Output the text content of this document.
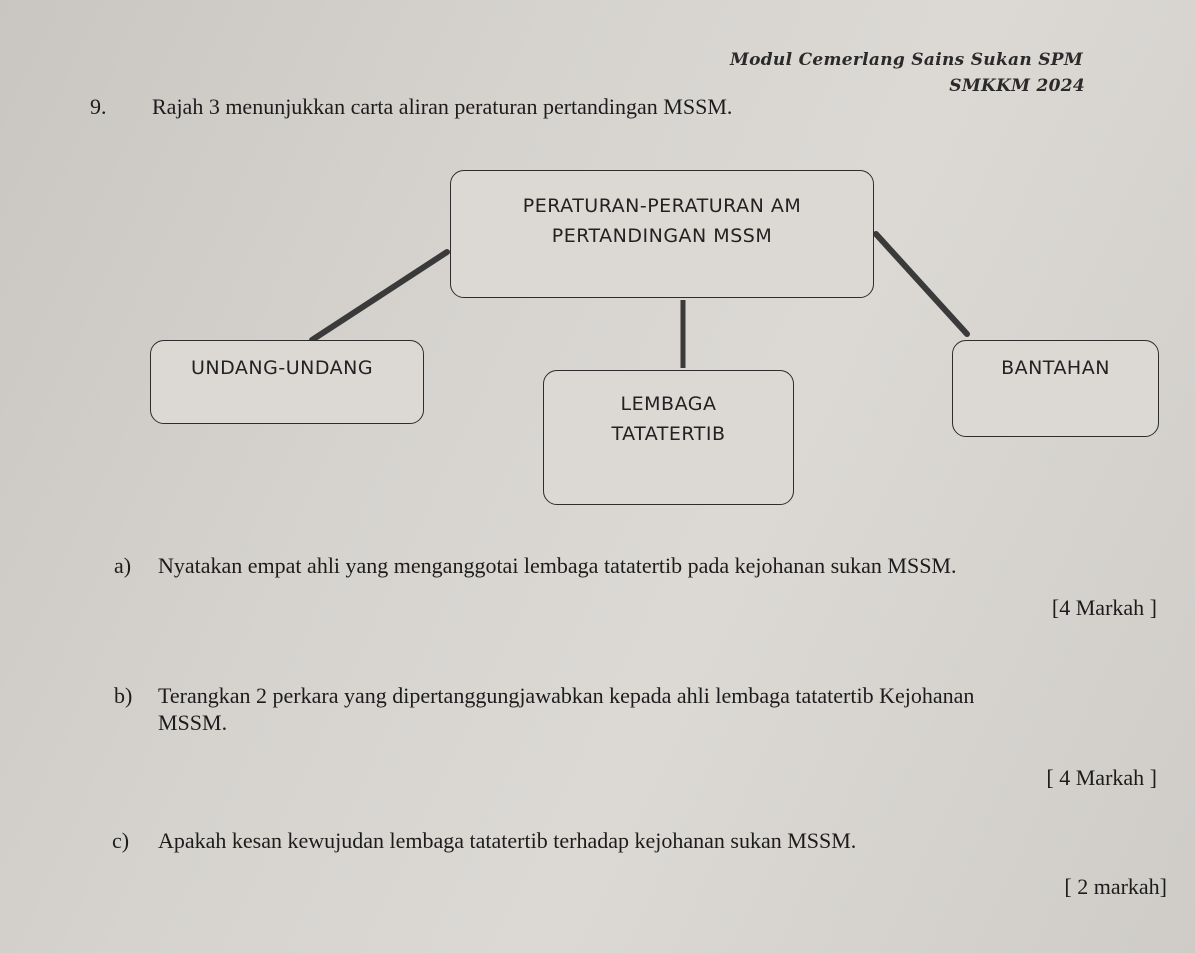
Modul Cemerlang Sains Sukan SPM
SMKKM 2024
9. Rajah 3 menunjukkan carta aliran peraturan pertandingan MSSM.
PERATURAN-PERATURAN AM
PERTANDINGAN MSSM
UNDANG-UNDANG
LEMBAGA
TATATERTIB
BANTAHAN
a) Nyatakan empat ahli yang menganggotai lembaga tatatertib pada kejohanan sukan MSSM.
[4 Markah ]
b) Terangkan 2 perkara yang dipertanggungjawabkan kepada ahli lembaga tatatertib Kejohanan
MSSM.
[ 4 Markah ]
c) Apakah kesan kewujudan lembaga tatatertib terhadap kejohanan sukan MSSM.
[ 2 markah]
